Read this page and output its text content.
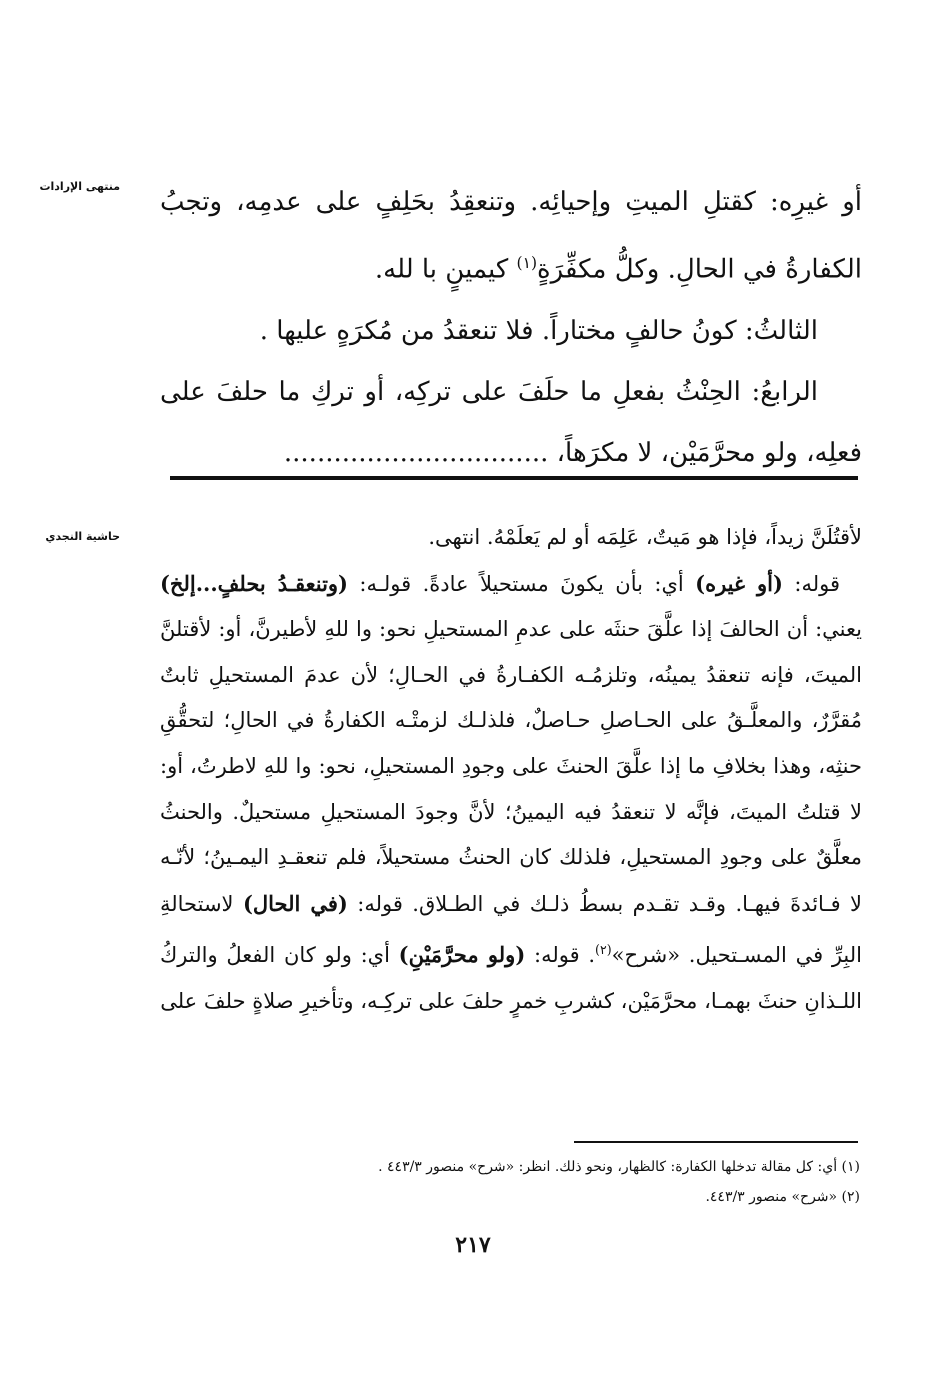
منتهى الإرادات
حاشية النجدي

أو غيرِه: كقتلِ الميتِ وإحيائِه. وتنعقِدُ بحَلِفٍ على عدمِه، وتجبُ الكفارةُ في الحالِ. وكلُّ مكفِّرَةٍ$^{(١)}$ كيمينٍ با لله.

الثالثُ: كونُ حالفٍ مختاراً. فلا تنعقدُ من مُكرَهٍ عليها .

الرابعُ: الحِنْثُ بفعلِ ما حلَفَ على تركِه، أو تركِ ما حلفَ على فعلِه، ولو محرَّمَيْن، لا مكرَهاً، ................................

لأقتُلَنَّ زيداً، فإذا هو مَيتٌ، عَلِمَه أو لم يَعلَمْهُ. انتهى.

قوله: (أو غيره) أي: بأن يكونَ مستحيلاً عادةً. قولـه: (وتنعقـدُ بحلفٍ...إلخ) يعني: أن الحالفَ إذا علَّقَ حنثَه على عدمِ المستحيلِ نحو: وا للهِ لأطيرنَّ، أو: لأقتلنَّ الميتَ، فإنه تنعقدُ يمينُه، وتلزمُـه الكفـارةُ في الحـالِ؛ لأن عدمَ المستحيلِ ثابتٌ مُقرَّرٌ، والمعلَّـقُ على الحـاصلِ حـاصلٌ، فلذلـك لزمتْـه الكفارةُ في الحالِ؛ لتحقُّقِ حنثِه، وهذا بخلافِ ما إذا علَّقَ الحنثَ على وجودِ المستحيلِ، نحو: وا للهِ لاطرتُ، أو: لا قتلتُ الميتَ، فإنَّه لا تنعقدُ فيه اليمينُ؛ لأنَّ وجودَ المستحيلِ مستحيلٌ. والحنثُ معلَّقٌ على وجودِ المستحيلِ، فلذلك كان الحنثُ مستحيلاً، فلم تنعقـدِ اليمـينُ؛ لأنّـه لا فـائدةَ فيهـا. وقـد تقـدم بسطُ ذلـك في الطـلاق. قوله: (في الحال) لاستحالةِ البِرِّ في المسـتحيل. «شرح»$^{(٢)}$. قوله: (ولو محرَّمَيْنِ) أي: ولو كان الفعلُ والتركُ اللـذانِ حنثَ بهمـا، محرَّمَيْن، كشربِ خمرٍ حلفَ على تركِـه، وتأخيرِ صلاةٍ حلفَ على

(١) أي: كل مقالة تدخلها الكفارة: كالظهار، ونحو ذلك. انظر: «شرح» منصور ٤٤٣/٣ .

(٢) «شرح» منصور ٤٤٣/٣.

٢١٧
